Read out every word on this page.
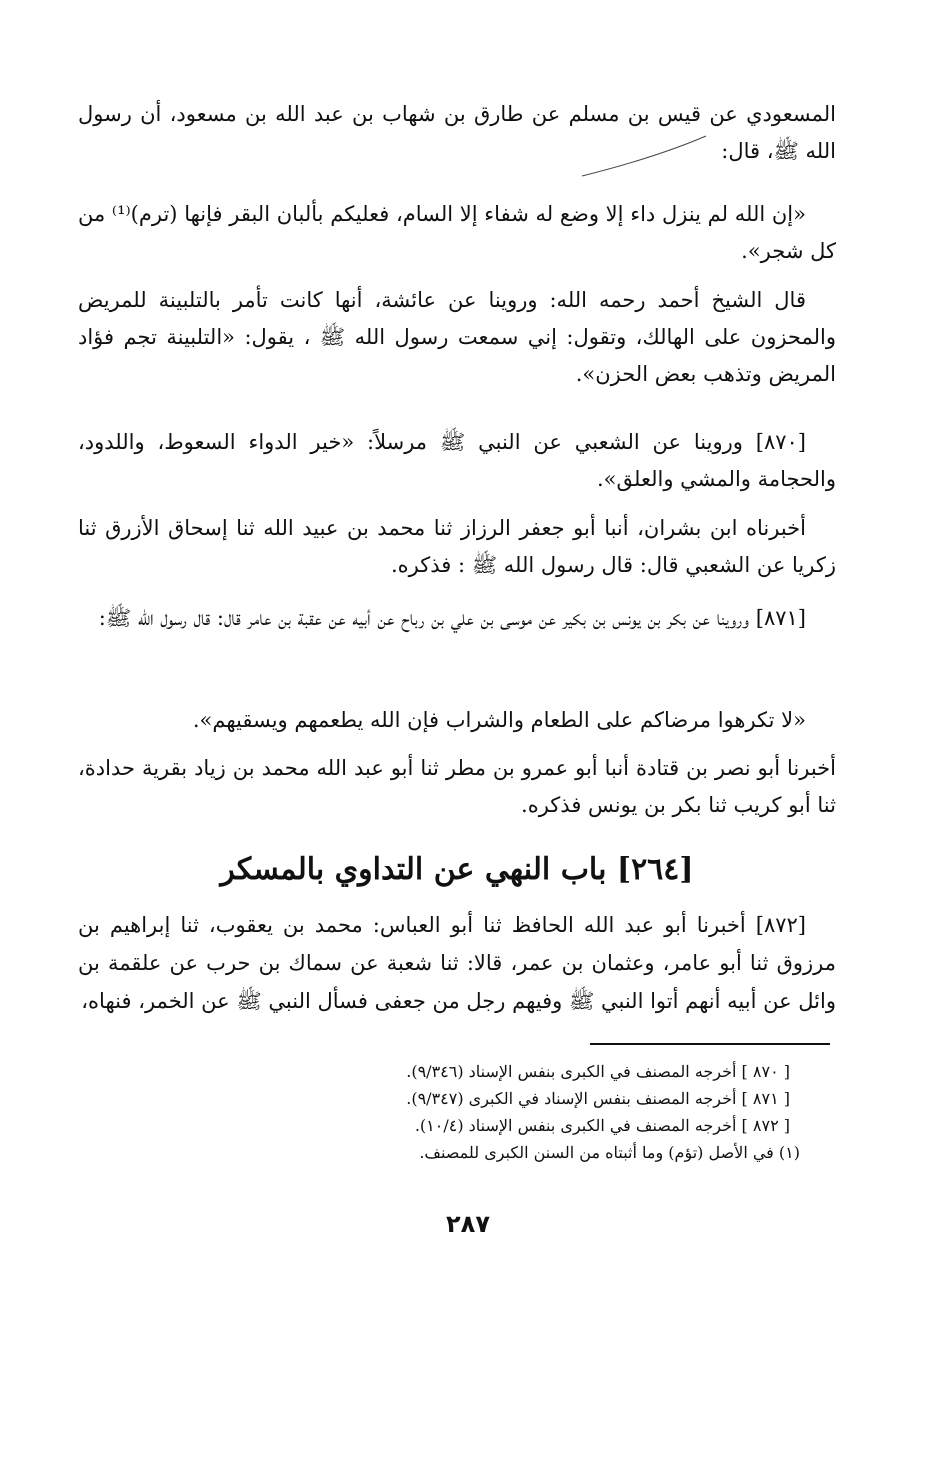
المسعودي عن قيس بن مسلم عن طارق بن شهاب بن عبد الله بن مسعود، أن رسول الله ﷺ، قال:

«إن الله لم ينزل داء إلا وضع له شفاء إلا السام، فعليكم بألبان البقر فإنها (ترم)⁽¹⁾ من كل شجر».

قال الشيخ أحمد رحمه الله: وروينا عن عائشة، أنها كانت تأمر بالتلبينة للمريض والمحزون على الهالك، وتقول: إني سمعت رسول الله ﷺ ، يقول: «التلبينة تجم فؤاد المريض وتذهب بعض الحزن».

[٨٧٠] وروينا عن الشعبي عن النبي ﷺ مرسلاً: «خير الدواء السعوط، واللدود، والحجامة والمشي والعلق».

أخبرناه ابن بشران، أنبا أبو جعفر الرزاز ثنا محمد بن عبيد الله ثنا إسحاق الأزرق ثنا زكريا عن الشعبي قال: قال رسول الله ﷺ : فذكره.

[٨٧١] وروينا عن بكر بن يونس بن بكير عن موسى بن علي بن رباح عن أبيه عن عقبة بن عامر قال: قال رسول الله ﷺ:

«لا تكرهوا مرضاكم على الطعام والشراب فإن الله يطعمهم ويسقيهم».

أخبرنا أبو نصر بن قتادة أنبا أبو عمرو بن مطر ثنا أبو عبد الله محمد بن زياد بقرية حدادة، ثنا أبو كريب ثنا بكر بن يونس فذكره.

[٢٦٤] باب النهي عن التداوي بالمسكر

[٨٧٢] أخبرنا أبو عبد الله الحافظ ثنا أبو العباس: محمد بن يعقوب، ثنا إبراهيم بن مرزوق ثنا أبو عامر، وعثمان بن عمر، قالا: ثنا شعبة عن سماك بن حرب عن علقمة بن وائل عن أبيه أنهم أتوا النبي ﷺ وفيهم رجل من جعفى فسأل النبي ﷺ عن الخمر، فنهاه،

[ ٨٧٠ ] أخرجه المصنف في الكبرى بنفس الإسناد (٩/٣٤٦).
[ ٨٧١ ] أخرجه المصنف بنفس الإسناد في الكبرى (٩/٣٤٧).
[ ٨٧٢ ] أخرجه المصنف في الكبرى بنفس الإسناد (١٠/٤).
(١) في الأصل (تؤم) وما أثبتاه من السنن الكبرى للمصنف.
٢٨٧
